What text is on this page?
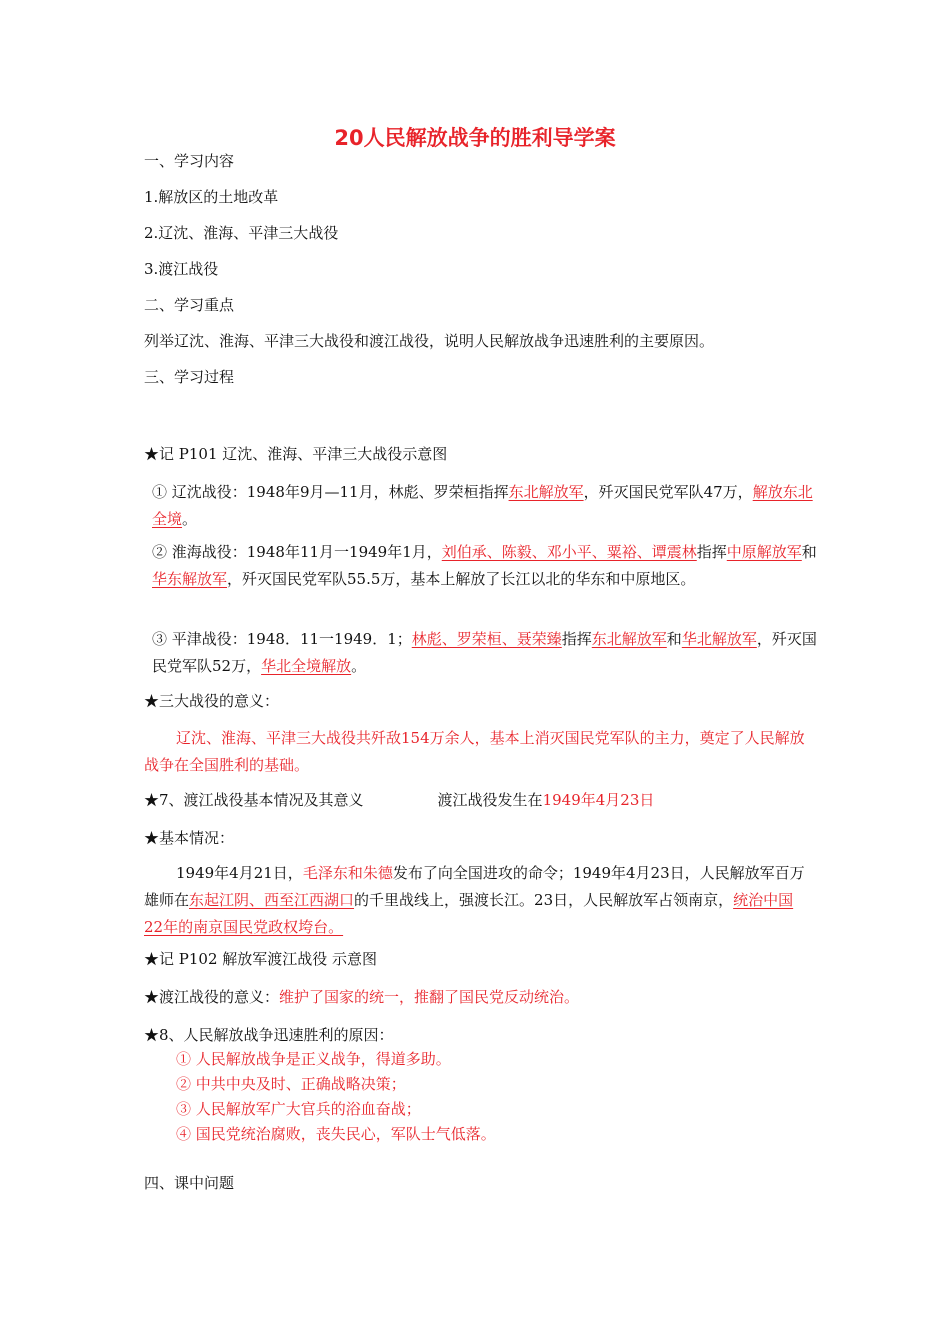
20人民解放战争的胜利导学案
一、学习内容
1.解放区的土地改革
2.辽沈、淮海、平津三大战役
3.渡江战役
二、学习重点
列举辽沈、淮海、平津三大战役和渡江战役，说明人民解放战争迅速胜利的主要原因。
三、学习过程
★记 P101 辽沈、淮海、平津三大战役示意图
① 辽沈战役：1948年9月—11月，林彪、罗荣桓指挥东北解放军，歼灭国民党军队47万，解放东北全境。
② 淮海战役：1948年11月一1949年1月，刘伯承、陈毅、邓小平、粟裕、谭震林指挥中原解放军和华东解放军，歼灭国民党军队55.5万，基本上解放了长江以北的华东和中原地区。
③ 平津战役：1948．11一1949．1；林彪、罗荣桓、聂荣臻指挥东北解放军和华北解放军，歼灭国民党军队52万，华北全境解放。
★三大战役的意义：
辽沈、淮海、平津三大战役共歼敌154万余人，基本上消灭国民党军队的主力，奠定了人民解放战争在全国胜利的基础。
★7、渡江战役基本情况及其意义	渡江战役发生在1949年4月23日
★基本情况：
1949年4月21日，毛泽东和朱德发布了向全国进攻的命令；1949年4月23日，人民解放军百万雄师在东起江阴、西至江西湖口的千里战线上，强渡长江。23日，人民解放军占领南京，统治中国22年的南京国民党政权垮台。
★记 P102 解放军渡江战役 示意图
★渡江战役的意义：维护了国家的统一，推翻了国民党反动统治。
★8、人民解放战争迅速胜利的原因：
① 人民解放战争是正义战争，得道多助。
② 中共中央及时、正确战略决策；
③ 人民解放军广大官兵的浴血奋战；
④ 国民党统治腐败，丧失民心，军队士气低落。
四、课中问题
